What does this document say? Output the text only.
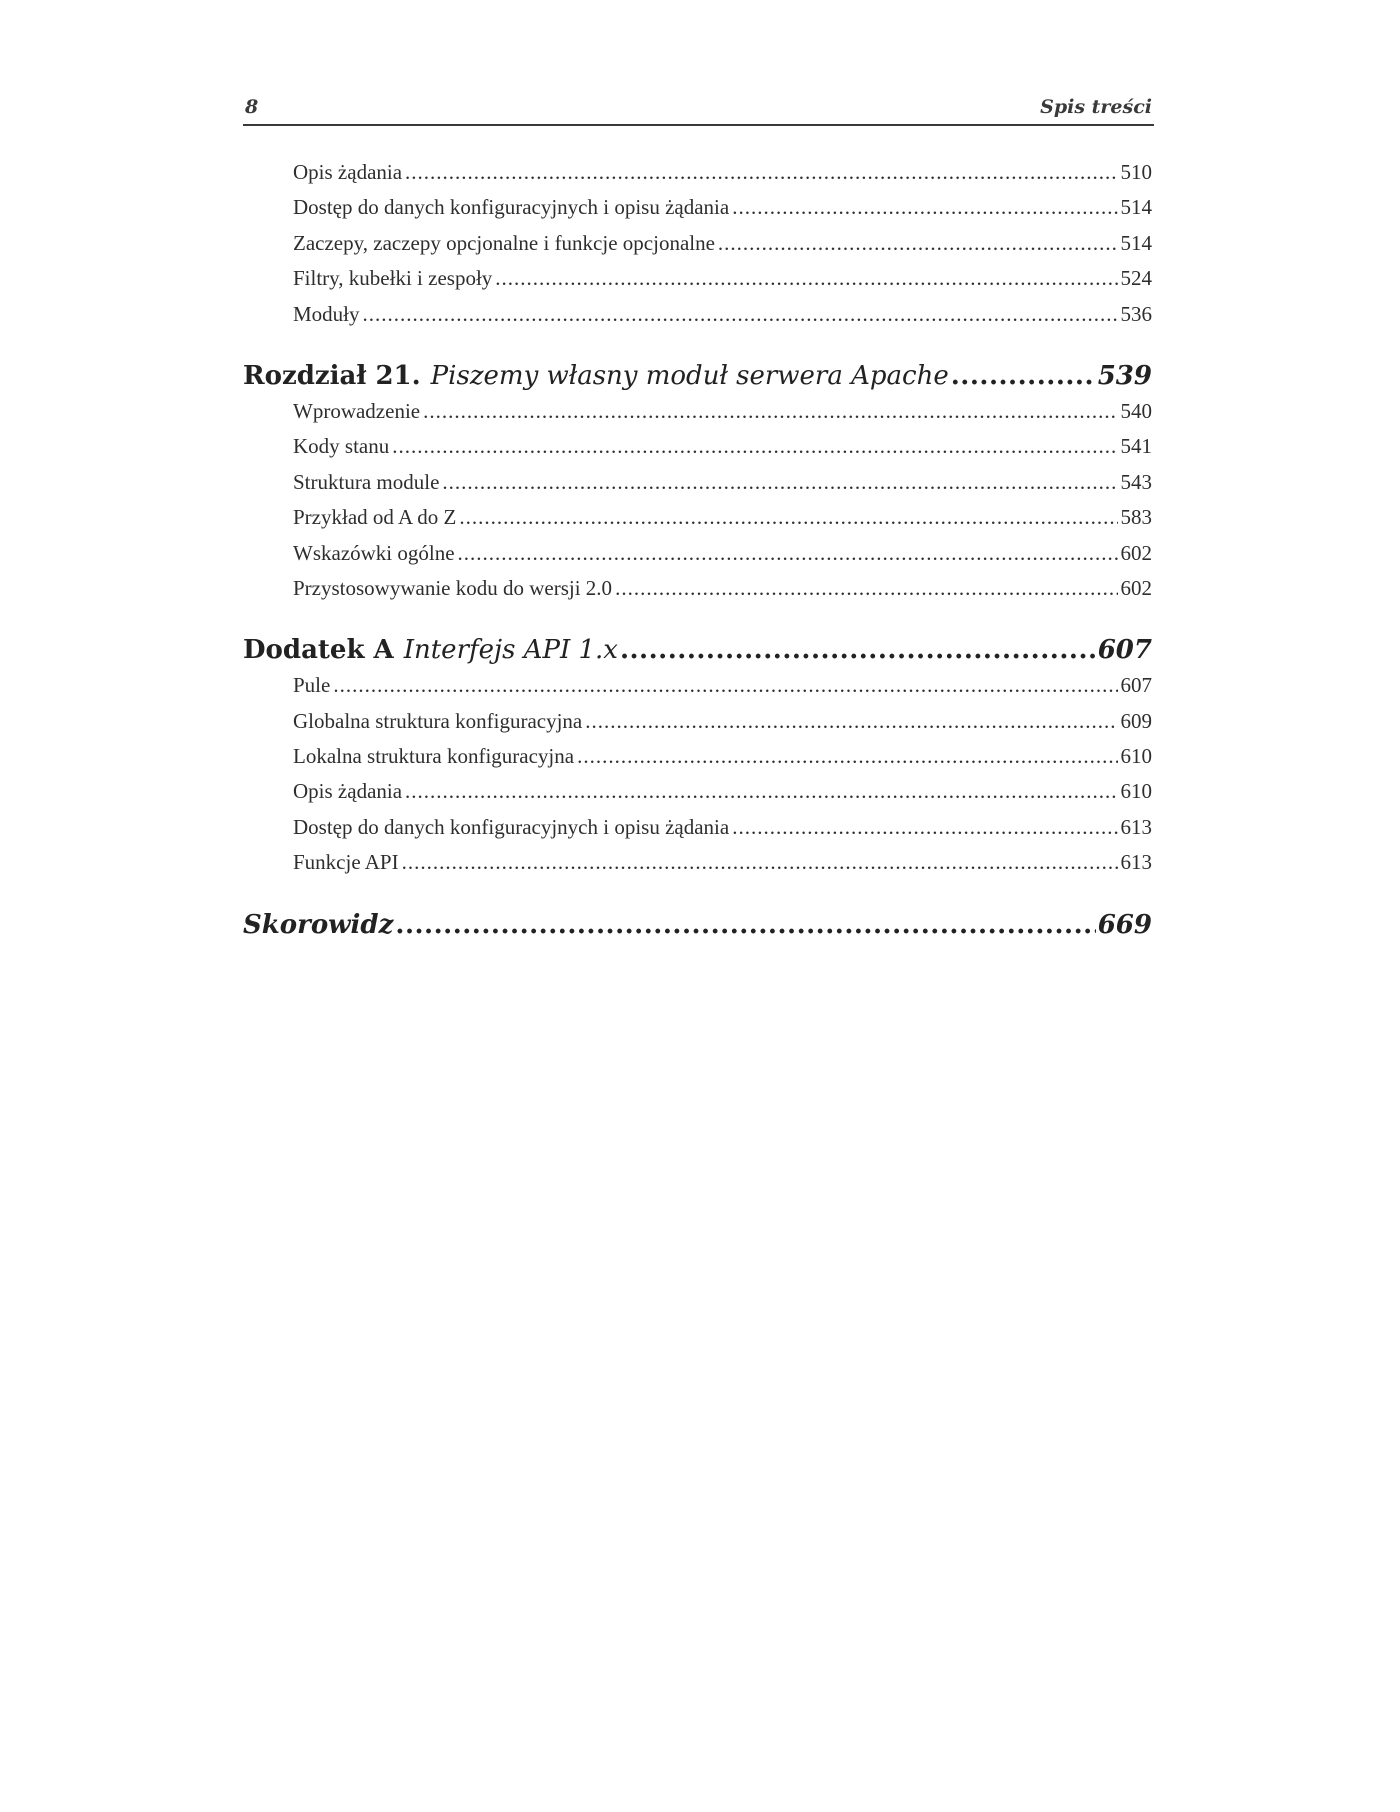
8	Spis treści
Opis żądania .....	510
Dostęp do danych konfiguracyjnych i opisu żądania .....	514
Zaczepy, zaczepy opcjonalne i funkcje opcjonalne .....	514
Filtry, kubełki i zespoły .....	524
Moduły .....	536
Rozdział 21. Piszemy własny moduł serwera Apache .....	539
Wprowadzenie .....	540
Kody stanu .....	541
Struktura module .....	543
Przykład od A do Z .....	583
Wskazówki ogólne .....	602
Przystosowywanie kodu do wersji 2.0 .....	602
Dodatek A Interfejs API 1.x .....	607
Pule .....	607
Globalna struktura konfiguracyjna .....	609
Lokalna struktura konfiguracyjna .....	610
Opis żądania .....	610
Dostęp do danych konfiguracyjnych i opisu żądania .....	613
Funkcje API .....	613
Skorowidz .....	669
